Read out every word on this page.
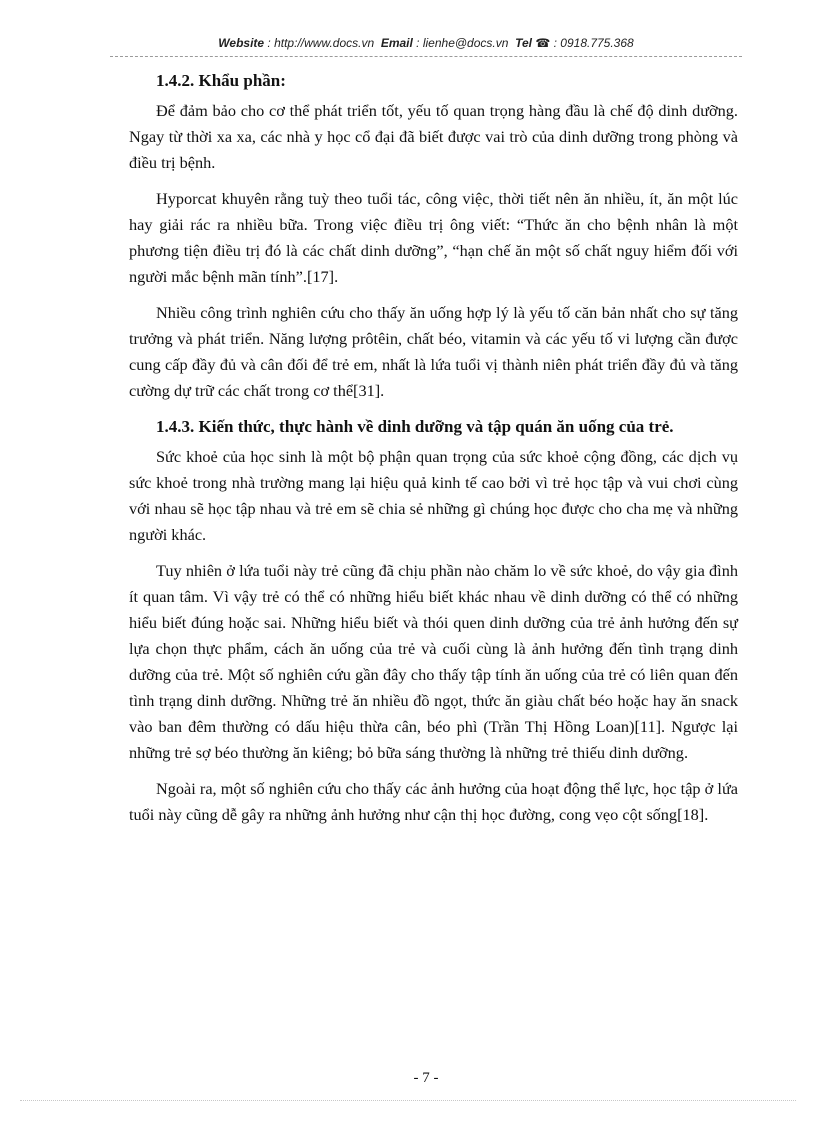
Website : http://www.docs.vn Email : lienhe@docs.vn Tel ☎ : 0918.775.368
1.4.2. Khẩu phần:

Để đảm bảo cho cơ thể phát triển tốt, yếu tố quan trọng hàng đầu là chế độ dinh dưỡng. Ngay từ thời xa xa, các nhà y học cổ đại đã biết được vai trò của dinh dưỡng trong phòng và điều trị bệnh.

Hyporcat khuyên rằng tuỳ theo tuổi tác, công việc, thời tiết nên ăn nhiều, ít, ăn một lúc hay giải rác ra nhiều bữa. Trong việc điều trị ông viết: “Thức ăn cho bệnh nhân là một phương tiện điều trị đó là các chất dinh dưỡng”, “hạn chế ăn một số chất nguy hiểm đối với người mắc bệnh mãn tính”.[17].

Nhiều công trình nghiên cứu cho thấy ăn uống hợp lý là yếu tố căn bản nhất cho sự tăng trưởng và phát triển. Năng lượng prôtêin, chất béo, vitamin và các yếu tố vi lượng cần được cung cấp đầy đủ và cân đối để trẻ em, nhất là lứa tuổi vị thành niên phát triển đầy đủ và tăng cường dự trữ các chất trong cơ thể[31].

1.4.3. Kiến thức, thực hành về dinh dưỡng và tập quán ăn uống của trẻ.

Sức khoẻ của học sinh là một bộ phận quan trọng của sức khoẻ cộng đồng, các dịch vụ sức khoẻ trong nhà trường mang lại hiệu quả kinh tế cao bởi vì trẻ học tập và vui chơi cùng với nhau sẽ học tập nhau và trẻ em sẽ chia sẻ những gì chúng học được cho cha mẹ và những người khác.

Tuy nhiên ở lứa tuổi này trẻ cũng đã chịu phần nào chăm lo về sức khoẻ, do vậy gia đình ít quan tâm. Vì vậy trẻ có thể có những hiểu biết khác nhau về dinh dưỡng có thể có những hiểu biết đúng hoặc sai. Những hiểu biết và thói quen dinh dưỡng của trẻ ảnh hưởng đến sự lựa chọn thực phẩm, cách ăn uống của trẻ và cuối cùng là ảnh hưởng đến tình trạng dinh dưỡng của trẻ. Một số nghiên cứu gần đây cho thấy tập tính ăn uống của trẻ có liên quan đến tình trạng dinh dưỡng. Những trẻ ăn nhiều đồ ngọt, thức ăn giàu chất béo hoặc hay ăn snack vào ban đêm thường có dấu hiệu thừa cân, béo phì (Trần Thị Hồng Loan)[11]. Ngược lại những trẻ sợ béo thường ăn kiêng; bỏ bữa sáng thường là những trẻ thiếu dinh dưỡng.

Ngoài ra, một số nghiên cứu cho thấy các ảnh hưởng của hoạt động thể lực, học tập ở lứa tuổi này cũng dễ gây ra những ảnh hưởng như cận thị học đường, cong vẹo cột sống[18].

- 7 -
